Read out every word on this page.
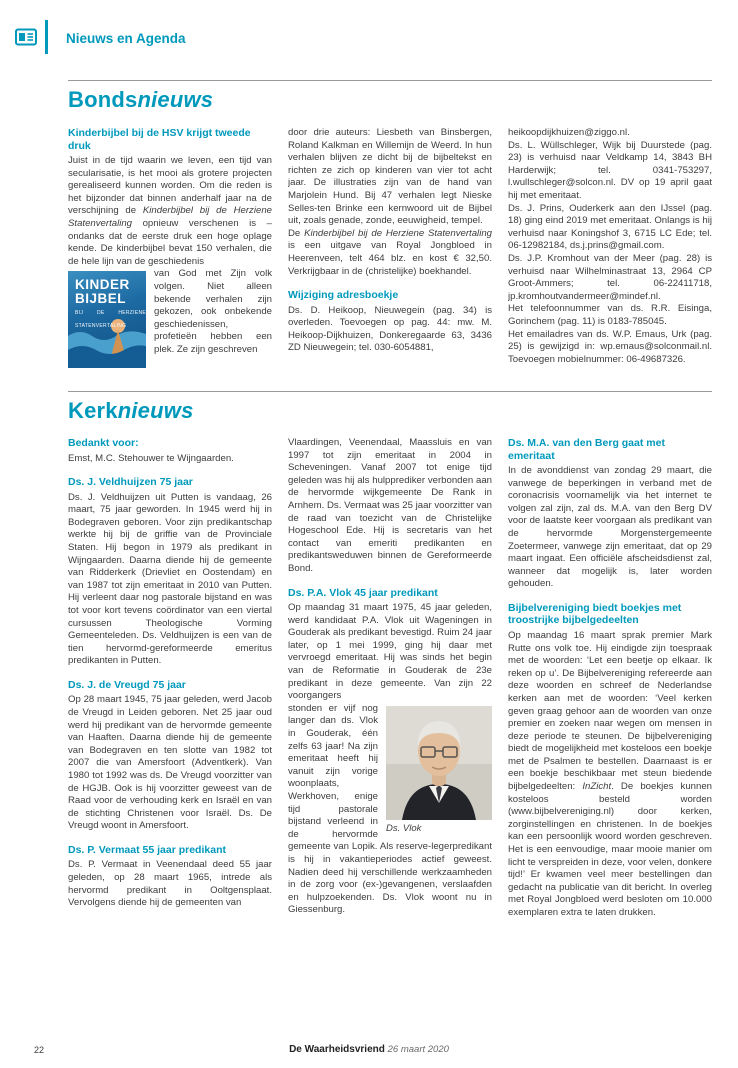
Nieuws en Agenda
Bondsnieuws
Kinderbijbel bij de HSV krijgt tweede druk

Juist in de tijd waarin we leven, een tijd van secularisatie, is het mooi als grotere projecten gerealiseerd kunnen worden. Om die reden is het bijzonder dat binnen anderhalf jaar na de verschijning de Kinderbijbel bij de Herziene Statenvertaling opnieuw verschenen is – ondanks dat de eerste druk een hoge oplage kende. De kinderbijbel bevat 150 verhalen, die de hele lijn van de geschiedenis

KINDER
BIJBEL
BIJ DE HERZIENE STATENVERTALING
van God met Zijn volk volgen. Niet alleen bekende verhalen zijn gekozen, ook onbekende geschiedenissen, profetieën hebben een plek. Ze zijn geschreven

door drie auteurs: Liesbeth van Binsbergen, Roland Kalkman en Willemijn de Weerd. In hun verhalen blijven ze dicht bij de bijbeltekst en richten ze zich op kinderen van vier tot acht jaar. De illustraties zijn van de hand van Marjolein Hund. Bij 47 verhalen legt Nieske Selles-ten Brinke een kernwoord uit de Bijbel uit, zoals genade, zonde, eeuwigheid, tempel.

De Kinderbijbel bij de Herziene Statenvertaling is een uitgave van Royal Jongbloed in Heerenveen, telt 464 blz. en kost € 32,50. Verkrijgbaar in de (christelijke) boekhandel.

Wijziging adresboekje

Ds. D. Heikoop, Nieuwegein (pag. 34) is overleden. Toevoegen op pag. 44: mw. M. Heikoop-Dijkhuizen, Donkeregaarde 63, 3436 ZD Nieuwegein; tel. 030-6054881,

heikoopdijkhuizen@ziggo.nl.

Ds. L. Wüllschleger, Wijk bij Duurstede (pag. 23) is verhuisd naar Veldkamp 14, 3843 BH Harderwijk; tel. 0341-753297, l.wullschleger@solcon.nl. DV op 19 april gaat hij met emeritaat.

Ds. J. Prins, Ouderkerk aan den IJssel (pag. 18) ging eind 2019 met emeritaat. Onlangs is hij verhuisd naar Koningshof 3, 6715 LC Ede; tel. 06-12982184, ds.j.prins@gmail.com.

Ds. J.P. Kromhout van der Meer (pag. 28) is verhuisd naar Wilhelminastraat 13, 2964 CP Groot-Ammers; tel. 06-22411718, jp.kromhoutvandermeer@mindef.nl.

Het telefoonnummer van ds. R.R. Eisinga, Gorinchem (pag. 11) is 0183-785045.

Het emailadres van ds. W.P. Emaus, Urk (pag. 25) is gewijzigd in: wp.emaus@solconmail.nl. Toevoegen mobielnummer: 06-49687326.

Kerknieuws
Bedankt voor:

Emst, M.C. Stehouwer te Wijngaarden.

Ds. J. Veldhuijzen 75 jaar

Ds. J. Veldhuijzen uit Putten is vandaag, 26 maart, 75 jaar geworden. In 1945 werd hij in Bodegraven geboren. Voor zijn predikantschap werkte hij bij de griffie van de Provinciale Staten. Hij begon in 1979 als predikant in Wijngaarden. Daarna diende hij de gemeente van Ridderkerk (Drievliet en Oostendam) en van 1987 tot zijn emeritaat in 2010 van Putten. Hij verleent daar nog pastorale bijstand en was tot voor kort tevens coördinator van een viertal cursussen Theologische Vorming Gemeenteleden. Ds. Veldhuijzen is een van de tien hervormd-gereformeerde emeritus predikanten in Putten.

Ds. J. de Vreugd 75 jaar

Op 28 maart 1945, 75 jaar geleden, werd Jacob de Vreugd in Leiden geboren. Net 25 jaar oud werd hij predikant van de hervormde gemeente van Haaften. Daarna diende hij de gemeente van Bodegraven en ten slotte van 1982 tot 2007 die van Amersfoort (Adventkerk). Van 1980 tot 1992 was ds. De Vreugd voorzitter van de HGJB. Ook is hij voorzitter geweest van de Raad voor de verhouding kerk en Israël en van de stichting Christenen voor Israël. Ds. De Vreugd woont in Amersfoort.

Ds. P. Vermaat 55 jaar predikant

Ds. P. Vermaat in Veenendaal deed 55 jaar geleden, op 28 maart 1965, intrede als hervormd predikant in Ooltgensplaat. Vervolgens diende hij de gemeenten van

Vlaardingen, Veenendaal, Maassluis en van 1997 tot zijn emeritaat in 2004 in Scheveningen. Vanaf 2007 tot enige tijd geleden was hij als hulpprediker verbonden aan de hervormde wijkgemeente De Rank in Arnhem. Ds. Vermaat was 25 jaar voorzitter van de raad van toezicht van de Christelijke Hogeschool Ede. Hij is secretaris van het contact van emeriti predikanten en predikantsweduwen binnen de Gereformeerde Bond.

Ds. P.A. Vlok 45 jaar predikant

Op maandag 31 maart 1975, 45 jaar geleden, werd kandidaat P.A. Vlok uit Wageningen in Gouderak als predikant bevestigd. Ruim 24 jaar later, op 1 mei 1999, ging hij daar met vervroegd emeritaat. Hij was sinds het begin van de Reformatie in Gouderak de 23e predikant in deze gemeente. Van zijn 22 voorgangers

Ds. Vlok
stonden er vijf nog langer dan ds. Vlok in Gouderak, één zelfs 63 jaar! Na zijn emeritaat heeft hij vanuit zijn vorige woonplaats, Werkhoven, enige tijd pastorale bijstand verleend in de hervormde gemeente van Lopik. Als reserve-legerpredikant is hij in vakantieperiodes actief geweest. Nadien deed hij verschillende werkzaamheden in de zorg voor (ex-)gevangenen, verslaafden en hulpzoekenden. Ds. Vlok woont nu in Giessenburg.

Ds. M.A. van den Berg gaat met emeritaat

In de avonddienst van zondag 29 maart, die vanwege de beperkingen in verband met de coronacrisis voornamelijk via het internet te volgen zal zijn, zal ds. M.A. van den Berg DV voor de laatste keer voorgaan als predikant van de hervormde Morgenstergemeente Zoetermeer, vanwege zijn emeritaat, dat op 29 maart ingaat. Een officiële afscheidsdienst zal, wanneer dat mogelijk is, later worden gehouden.

Bijbelvereniging biedt boekjes met troostrijke bijbelgedeelten

Op maandag 16 maart sprak premier Mark Rutte ons volk toe. Hij eindigde zijn toespraak met de woorden: ‘Let een beetje op elkaar. Ik reken op u’. De Bijbelvereniging refereerde aan deze woorden en schreef de Nederlandse kerken aan met de woorden: ‘Veel kerken geven graag gehoor aan de woorden van onze premier en zoeken naar wegen om mensen in deze periode te steunen. De bijbelvereniging biedt de mogelijkheid met kosteloos een boekje met de Psalmen te bestellen. Daarnaast is er een boekje beschikbaar met steun biedende bijbelgedeelten: InZicht. De boekjes kunnen kosteloos besteld worden (www.bijbelvereniging.nl) door kerken, zorginstellingen en christenen. In de boekjes kan een persoonlijk woord worden geschreven. Het is een eenvoudige, maar mooie manier om licht te verspreiden in deze, voor velen, donkere tijd!’ Er kwamen veel meer bestellingen dan gedacht na publicatie van dit bericht. In overleg met Royal Jongbloed werd besloten om 10.000 exemplaren extra te laten drukken.

22	De Waarheidsvriend 26 maart 2020
